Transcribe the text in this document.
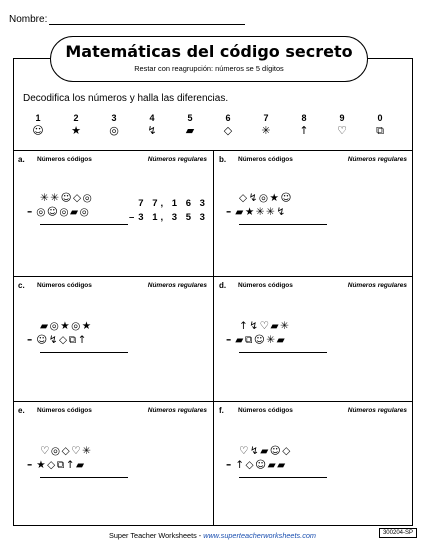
Nombre:
Matemáticas del código secreto
Restar con reagrupción: números se 5 dígitos
Decodifica los números y halla las diferencias.
1
☺
2
★
3
◎
4
↯
5
▰
6
◇
7
✳
8
↑
9
♡
0
⧉
a. Números códigos	Números regulares
✳✳☺◇◎
– ◎☺◎▰◎
7 7, 1 6 3
– 3 1, 3 5 3
b. Números códigos	Números regulares
◇↯◎★☺
– ▰★✳✳↯
c. Números códigos	Números regulares
▰◎★◎★
– ☺↯◇⧉↑
d. Números códigos	Números regulares
↑↯♡▰✳
– ▰⧉☺✳▰
e. Números códigos	Números regulares
♡◎◇♡✳
– ★◇⧉↑▰
f. Números códigos	Números regulares
♡↯▰☺◇
– ↑◇☺▰▰
Super Teacher Worksheets - www.superteacherworksheets.com	300204-SP
